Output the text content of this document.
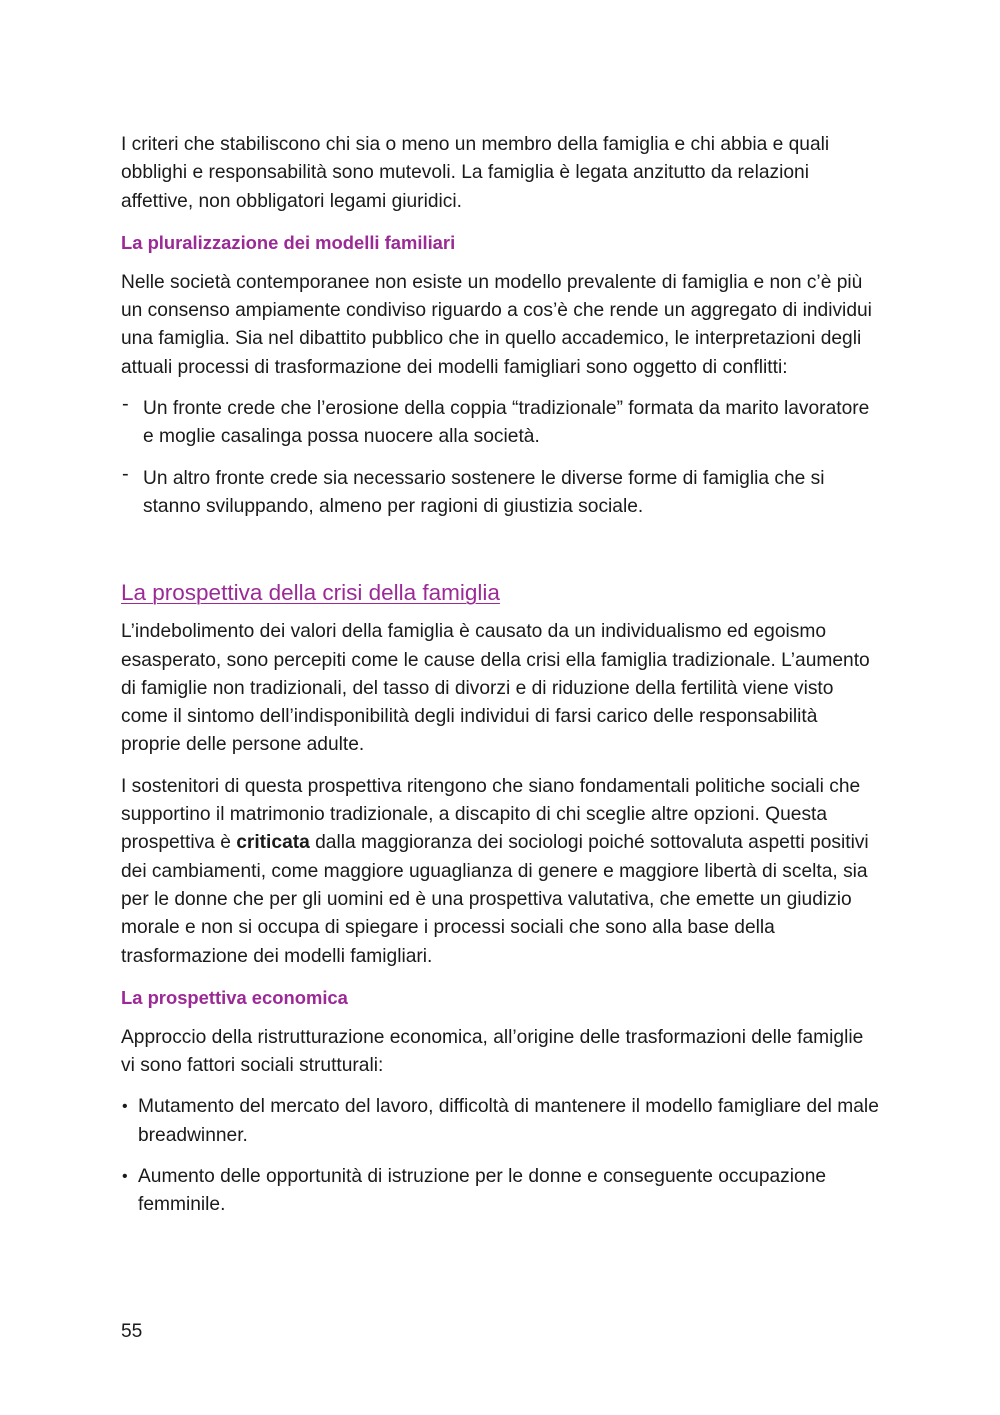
I criteri che stabiliscono chi sia o meno un membro della famiglia e chi abbia e quali obblighi e responsabilità sono mutevoli. La famiglia è legata anzitutto da relazioni affettive, non obbligatori legami giuridici.

La pluralizzazione dei modelli familiari

Nelle società contemporanee non esiste un modello prevalente di famiglia e non c’è più un consenso ampiamente condiviso riguardo a cos’è che rende un aggregato di individui una famiglia. Sia nel dibattito pubblico che in quello accademico, le interpretazioni degli attuali processi di trasformazione dei modelli famigliari sono oggetto di conflitti:

- Un fronte crede che l’erosione della coppia “tradizionale” formata da marito lavoratore e moglie casalinga possa nuocere alla società.
- Un altro fronte crede sia necessario sostenere le diverse forme di famiglia che si stanno sviluppando, almeno per ragioni di giustizia sociale.
La prospettiva della crisi della famiglia

L’indebolimento dei valori della famiglia è causato da un individualismo ed egoismo esasperato, sono percepiti come le cause della crisi ella famiglia tradizionale. L’aumento di famiglie non tradizionali, del tasso di divorzi e di riduzione della fertilità viene visto come il sintomo dell’indisponibilità degli individui di farsi carico delle responsabilità proprie delle persone adulte.

I sostenitori di questa prospettiva ritengono che siano fondamentali politiche sociali che supportino il matrimonio tradizionale, a discapito di chi sceglie altre opzioni. Questa prospettiva è criticata dalla maggioranza dei sociologi poiché sottovaluta aspetti positivi dei cambiamenti, come maggiore uguaglianza di genere e maggiore libertà di scelta, sia per le donne che per gli uomini ed è una prospettiva valutativa, che emette un giudizio morale e non si occupa di spiegare i processi sociali che sono alla base della trasformazione dei modelli famigliari.

La prospettiva economica

Approccio della ristrutturazione economica, all’origine delle trasformazioni delle famiglie vi sono fattori sociali strutturali:

• Mutamento del mercato del lavoro, difficoltà di mantenere il modello famigliare del male breadwinner.
• Aumento delle opportunità di istruzione per le donne e conseguente occupazione femminile.
55
